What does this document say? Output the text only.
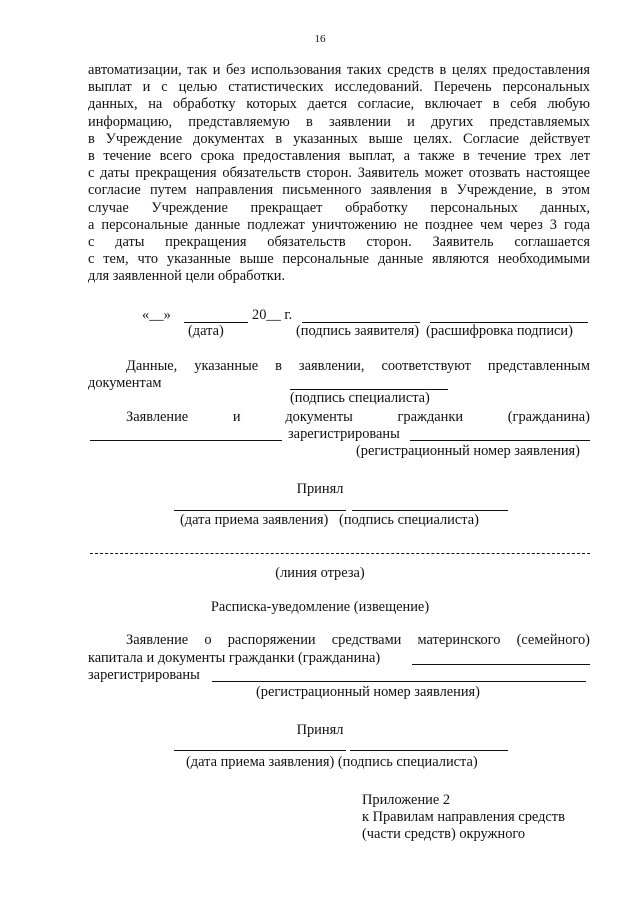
16

автоматизации, так и без использования таких средств в целях предоставления

выплат и с целью статистических исследований. Перечень персональных

данных, на обработку которых дается согласие, включает в себя любую

информацию, представляемую в заявлении и других представляемых

в Учреждение документах в указанных выше целях. Согласие действует

в течение всего срока предоставления выплат, а также в течение трех лет

с даты прекращения обязательств сторон. Заявитель может отозвать настоящее

согласие путем направления письменного заявления в Учреждение, в этом

случае Учреждение прекращает обработку персональных данных,

а персональные данные подлежат уничтожению не позднее чем через 3 года

с даты прекращения обязательств сторон. Заявитель соглашается

с тем, что указанные выше персональные данные являются необходимыми

для заявленной цели обработки.

«__»	20__ г.
(дата)	(подпись заявителя) (расшифровка подписи)
Данные, указанные в заявлении, соответствуют представленным
документам
(подпись специалиста)
Заявление	и	документы	гражданки	(гражданина)
зарегистрированы
(регистрационный номер заявления)
Принял
(дата приема заявления)   (подпись специалиста)
(линия отреза)
Расписка-уведомление (извещение)
Заявление о распоряжении средствами материнского (семейного)
капитала и документы гражданки (гражданина)
зарегистрированы
(регистрационный номер заявления)
Принял
(дата приема заявления) (подпись специалиста)
Приложение 2
к Правилам направления средств
(части средств) окружного
